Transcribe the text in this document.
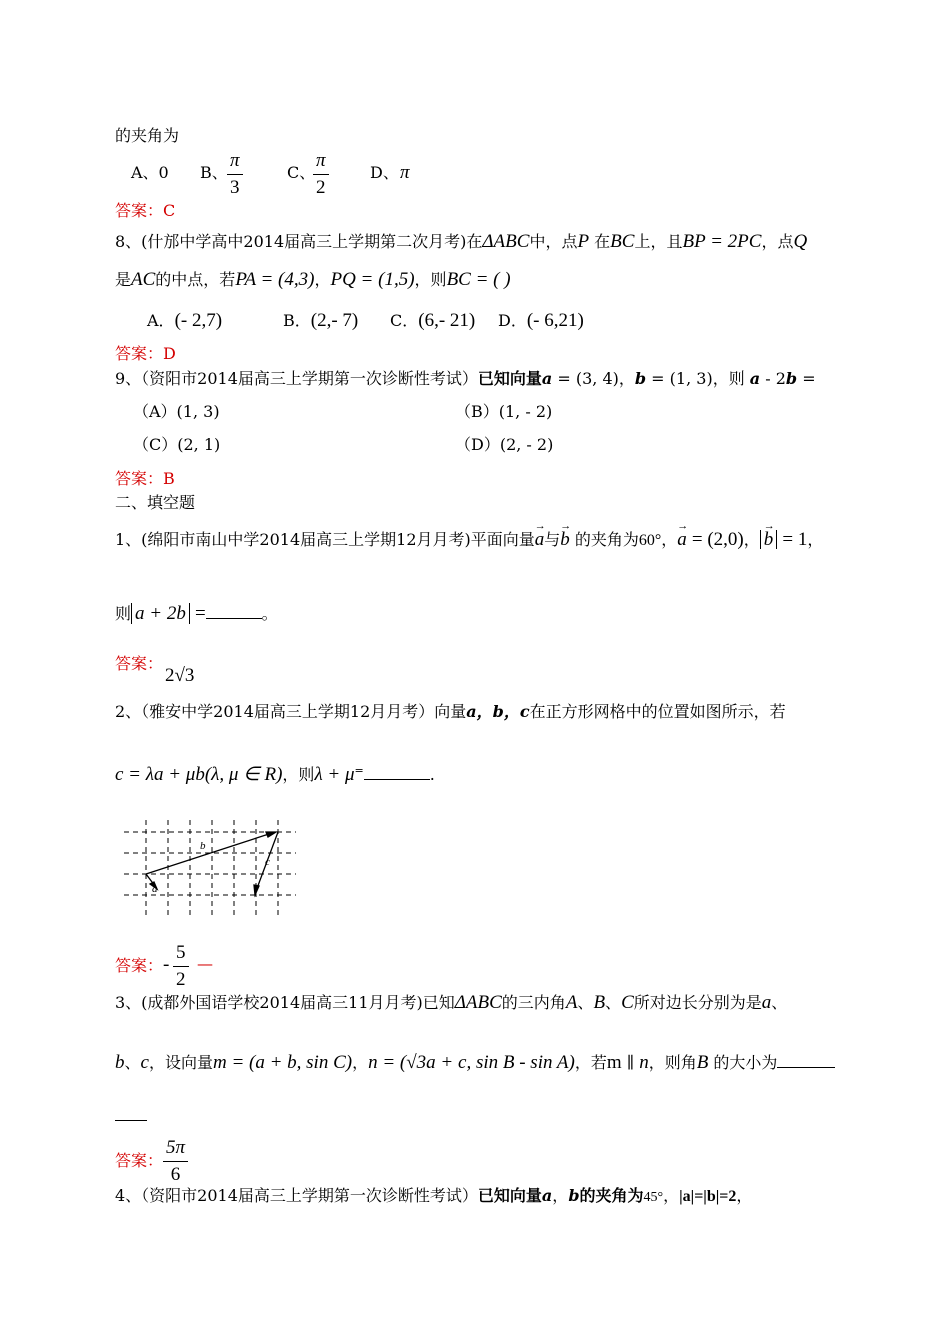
的夹角为
A、0 B、 $\frac{\pi}{3}$	C、
$\frac{\pi}{2}$	D、 π
答案：C
8、(什邡中学高中2014届高三上学期第二次月考)在ΔABC中，点P 在BC上，且BP = 2PC，点Q
是AC的中点，若PA = (4,3)，PQ = (1,5)，则BC = ( )
A．(- 2,7)	B．(2,- 7) C．(6,- 21) D．(- 6,21)
答案：D
9、（资阳市2014届高三上学期第一次诊断性考试）已知向量a = (3, 4)，b = (1, 3)，则 a - 2b =
（A）(1, 3)	（B）(1, - 2)
（C）(2, 1)	（D）(2, - 2)
答案：B
二、填空题
1、(绵阳市南山中学2014届高三上学期12月月考)平面向量→ a与→ b 的夹角为60°，→ a = (2,0)，→ b = 1，
则 a + 2b =	。
答案：
2√3
2、（雅安中学2014届高三上学期12月月考）向量a，b，c在正方形网格中的位置如图所示，若
c = λa + μb(λ, μ ∈ R)，则λ + μ=	.
a
b
c
答案： - $\frac{5}{2}$ —
3、(成都外国语学校2014届高三11月月考)已知ΔABC的三内角A、B、C所对边长分别为是a、
b、c，设向量m = (a + b, sin C)，n = (√3a + c, sin B - sin A)，若m ∥ n，则角B 的大小为
答案： $\frac{5\pi}{6}$
4、（资阳市2014届高三上学期第一次诊断性考试）已知向量a，b的夹角为45°，|a|=|b|=2，
